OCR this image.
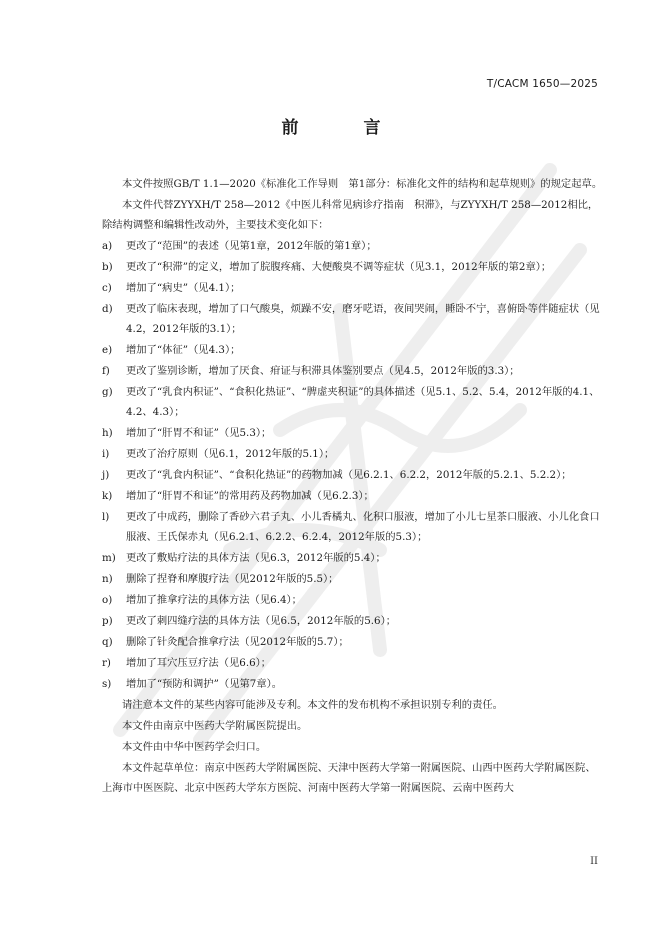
T/CACM 1650—2025
前　言

本文件按照GB/T 1.1—2020《标准化工作导则　第1部分：标准化文件的结构和起草规则》的规定起草。

本文件代替ZYYXH/T 258—2012《中医儿科常见病诊疗指南　积滞》，与ZYYXH/T 258—2012相比，除结构调整和编辑性改动外，主要技术变化如下：

a)	更改了“范围”的表述（见第1章，2012年版的第1章）；
b)	更改了“积滞”的定义，增加了脘腹疼痛、大便酸臭不调等症状（见3.1，2012年版的第2章）；
c)	增加了“病史”（见4.1）；
d)	更改了临床表现，增加了口气酸臭，烦躁不安，磨牙呓语，夜间哭闹，睡卧不宁，喜俯卧等伴随症状（见4.2，2012年版的3.1）；
e)	增加了“体征”（见4.3）；
f)	更改了鉴别诊断，增加了厌食、疳证与积滞具体鉴别要点（见4.5，2012年版的3.3）；
g)	更改了“乳食内积证”、“食积化热证”、“脾虚夹积证”的具体描述（见5.1、5.2、5.4，2012年版的4.1、4.2、4.3）；
h)	增加了“肝胃不和证”（见5.3）；
i)	更改了治疗原则（见6.1，2012年版的5.1）；
j)	更改了“乳食内积证”、“食积化热证”的药物加减（见6.2.1、6.2.2，2012年版的5.2.1、5.2.2）；
k)	增加了“肝胃不和证”的常用药及药物加减（见6.2.3）；
l)	更改了中成药，删除了香砂六君子丸、小儿香橘丸、化积口服液，增加了小儿七星茶口服液、小儿化食口服液、王氏保赤丸（见6.2.1、6.2.2、6.2.4，2012年版的5.3）；
m) 更改了敷贴疗法的具体方法（见6.3，2012年版的5.4）；
n)	删除了捏脊和摩腹疗法（见2012年版的5.5）；
o)	增加了推拿疗法的具体方法（见6.4）；
p)	更改了刺四缝疗法的具体方法（见6.5，2012年版的5.6）；
q)	删除了针灸配合推拿疗法（见2012年版的5.7）；
r)	增加了耳穴压豆疗法（见6.6）；
s)	增加了“预防和调护”（见第7章）。

请注意本文件的某些内容可能涉及专利。本文件的发布机构不承担识别专利的责任。

本文件由南京中医药大学附属医院提出。

本文件由中华中医药学会归口。

本文件起草单位：南京中医药大学附属医院、天津中医药大学第一附属医院、山西中医药大学附属医院、上海市中医医院、北京中医药大学东方医院、河南中医药大学第一附属医院、云南中医药大

II
